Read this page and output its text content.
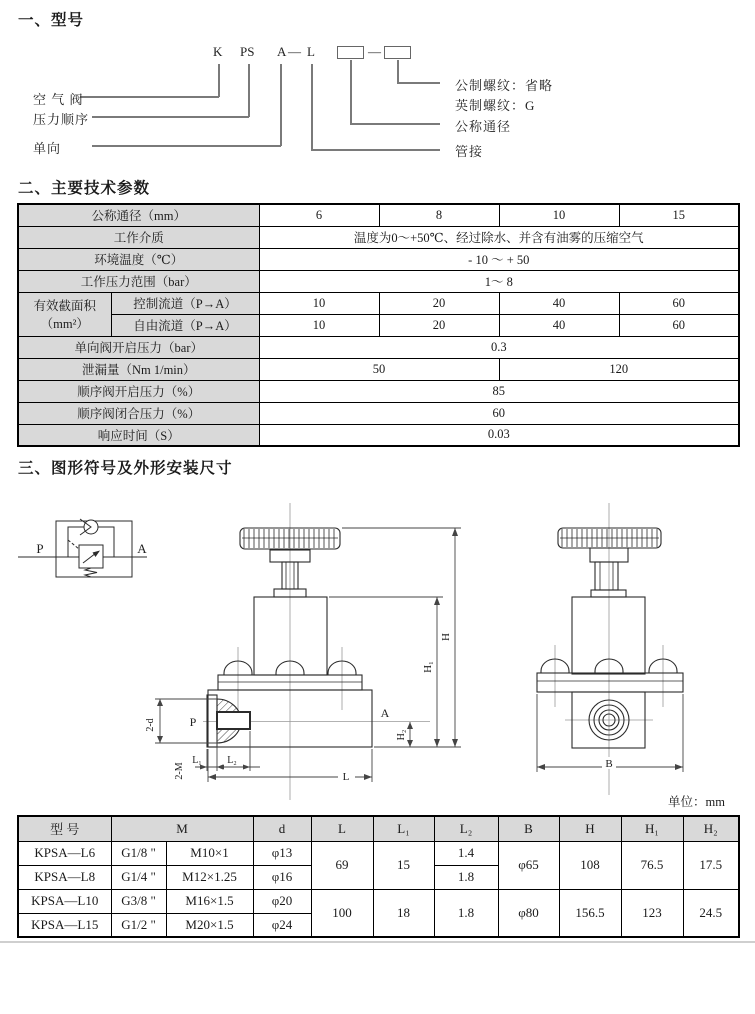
一、型号
K PS A — L	—
空 气 阀
压力顺序
单向
公制螺纹：省略
英制螺纹：G
公称通径
管接
二、主要技术参数
公称通径（mm）		6	8	10	15
工作介质		温度为0～+50℃、经过除水、并含有油雾的压缩空气			
环境温度（℃）		- 10 ～ + 50			
工作压力范围（bar）		1～ 8			

有效截面积
（mm²）	控制流道（P→A）	10	20	40	60
	自由流道（P→A）	10	20	40	60
单向阀开启压力（bar）		0.3			
泄漏量（Nm 1/min）		50		120	
顺序阀开启压力（%）		85			
顺序阀闭合压力（%）		60			
响应时间（S）		0.03			
三、图形符号及外形安装尺寸
P	A
P
A
H
H₁
H₂
L
L₁	L₂
2-d
2-M	B
单位：mm
型 号	M		d	L	L₁	L₂	B	H	H₁	H₂
KPSA—L6	G1/8 "	M10×1	φ13	69	15	1.4	φ65	108	76.5	17.5
KPSA—L8	G1/4 "	M12×1.25	φ16			1.8				
KPSA—L10	G3/8 "	M16×1.5	φ20	100	18	1.8	φ80	156.5	123	24.5
KPSA—L15	G1/2 "	M20×1.5	φ24							
